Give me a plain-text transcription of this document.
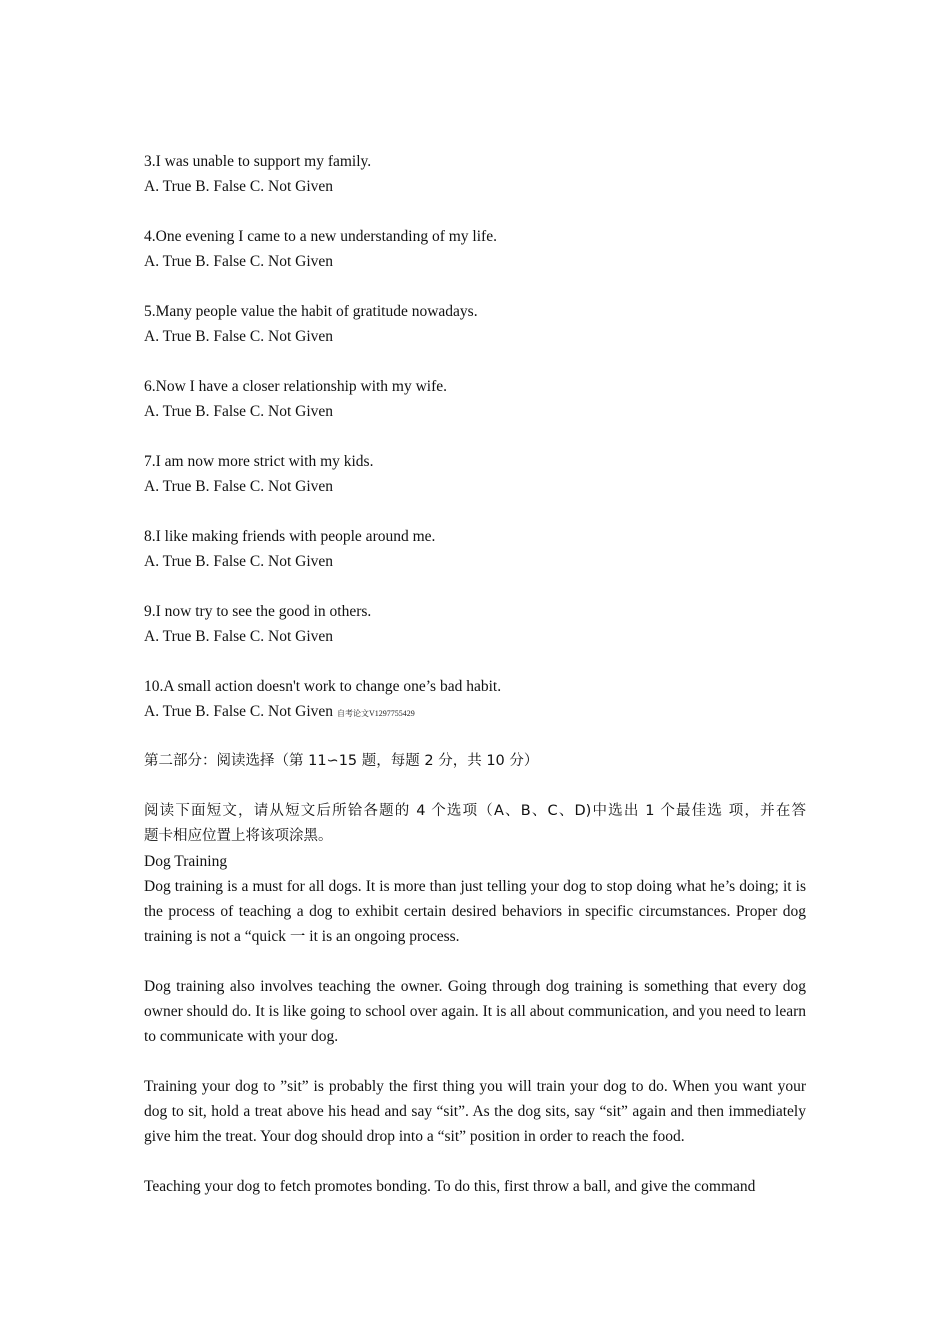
3.I was unable to support my family.
A. True B. False C. Not Given
4.One evening I came to a new understanding of my life.
A. True B. False C. Not Given
5.Many people value the habit of gratitude nowadays.
A. True B. False C. Not Given
6.Now I have a closer relationship with my wife.
A. True B. False C. Not Given
7.I am now more strict with my kids.
A. True B. False C. Not Given
8.I like making friends with people around me.
A. True B. False C. Not Given
9.I now try to see the good in others.
A. True B. False C. Not Given
10.A small action doesn't work to change one’s bad habit.
A. True B. False C. Not Given 自考论文V1297755429
第二部分：阅读选择（第 11∽15 题，每题 2 分，共 10 分）
阅读下面短文，请从短文后所铪各题的 4 个选项（A、B、C、D)中选出 1 个最佳选 项，并在答
题卡相应位置上将该项涂黑。
Dog Training
Dog training is a must for all dogs. It is more than just telling your dog to stop doing what he’s doing; it is the process of teaching a dog to exhibit certain desired behaviors in specific circumstances. Proper dog training is not a “quick 一 it is an ongoing process.
Dog training also involves teaching the owner. Going through dog training is something that every dog owner should do. It is like going to school over again. It is all about communication, and you need to learn to communicate with your dog.
Training your dog to ”sit” is probably the first thing you will train your dog to do. When you want your dog to sit, hold a treat above his head and say “sit”. As the dog sits, say “sit” again and then immediately give him the treat. Your dog should drop into a “sit” position in order to reach the food.
Teaching your dog to fetch promotes bonding. To do this, first throw a ball, and give the command
